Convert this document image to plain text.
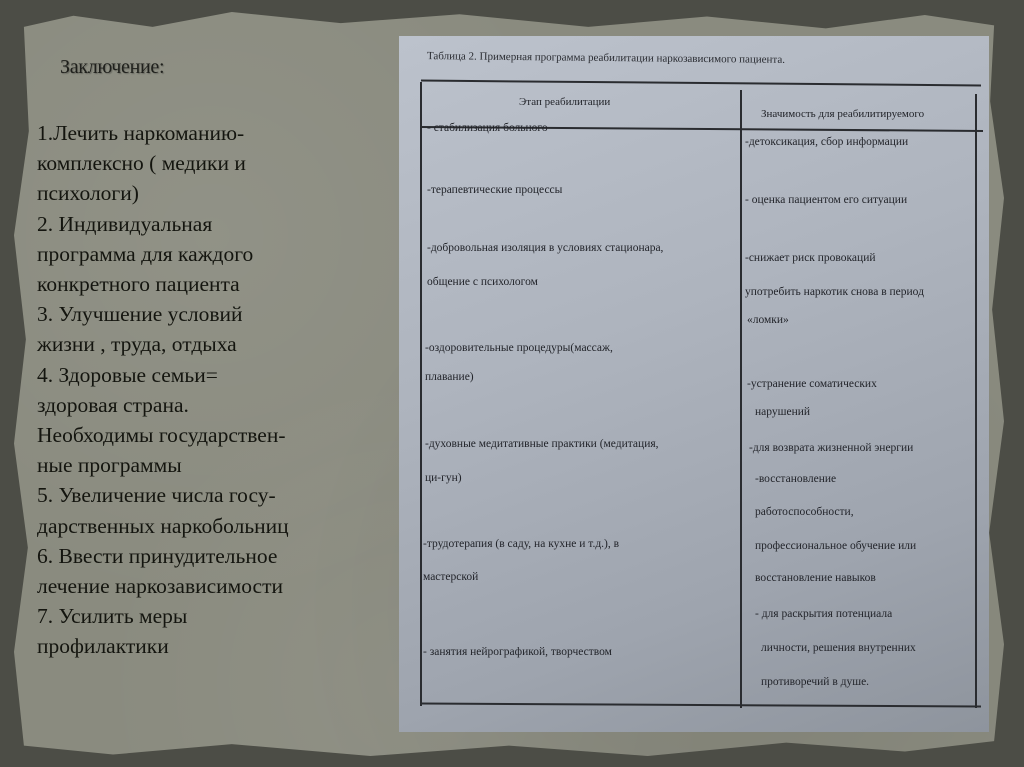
Заключение:
1.Лечить наркоманию-
комплексно ( медики и
психологи)
2. Индивидуальная
программа для каждого
конкретного пациента
3. Улучшение условий
жизни , труда, отдыха
4. Здоровые семьи=
здоровая страна.
Необходимы государствен-
ные программы
5. Увеличение числа госу-
дарственных наркобольниц
6. Ввести принудительное
лечение наркозависимости
7. Усилить меры
профилактики
Таблица 2. Примерная программа реабилитации наркозависимого пациента.
Этап реабилитации
Значимость для реабилитируемого
- стабилизация больного
-терапевтические процессы
-добровольная изоляция в условиях стационара,
общение с психологом
-оздоровительные процедуры(массаж,
плавание)
-духовные медитативные практики (медитация,
ци-гун)
-трудотерапия (в саду, на кухне и т.д.), в
мастерской
- занятия нейрографикой, творчеством
-детоксикация, сбор информации
- оценка пациентом его ситуации
-снижает риск провокаций
употребить наркотик снова в период
«ломки»
-устранение соматических
нарушений
-для возврата жизненной энергии
-восстановление
работоспособности,
профессиональное обучение или
восстановление навыков
- для раскрытия потенциала
личности, решения внутренних
противоречий в душе.
